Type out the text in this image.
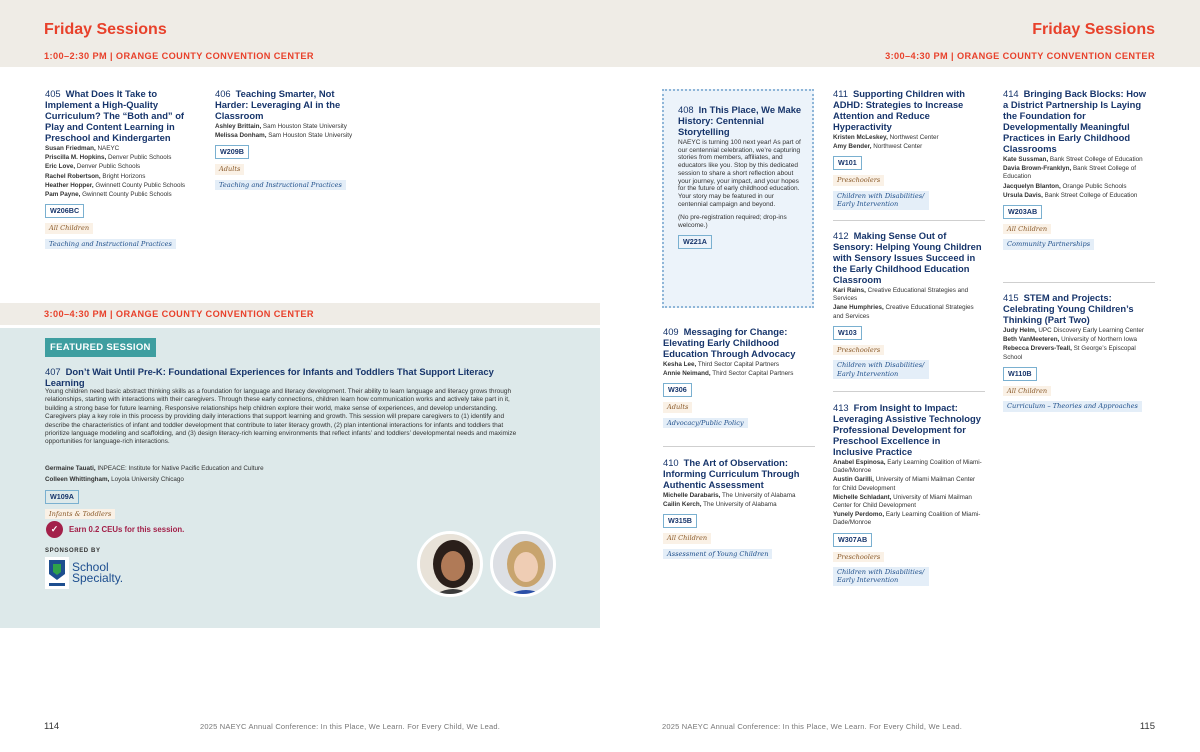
Friday Sessions
1:00–2:30 PM | ORANGE COUNTY CONVENTION CENTER
Friday Sessions
3:00–4:30 PM | ORANGE COUNTY CONVENTION CENTER
405 What Does It Take to Implement a High-Quality Curriculum? The “Both and” of Play and Content Learning in Preschool and Kindergarten
Susan Friedman, NAEYC
Priscilla M. Hopkins, Denver Public Schools
Eric Love, Denver Public Schools
Rachel Robertson, Bright Horizons
Heather Hopper, Gwinnett County Public Schools
Pam Payne, Gwinnett County Public Schools
W206BC
All Children
Teaching and Instructional Practices
406 Teaching Smarter, Not Harder: Leveraging AI in the Classroom
Ashley Brittain, Sam Houston State University
Melissa Donham, Sam Houston State University
W209B
Adults
Teaching and Instructional Practices
3:00–4:30 PM | ORANGE COUNTY CONVENTION CENTER
FEATURED SESSION
407 Don’t Wait Until Pre-K: Foundational Experiences for Infants and Toddlers That Support Literacy Learning
Young children need basic abstract thinking skills as a foundation for language and literacy development. Their ability to learn language and literacy grows through relationships, starting with interactions with their caregivers. Through these early connections, children learn how communication works and actively take part in it, building a strong base for future learning. Responsive relationships help children explore their world, make sense of experiences, and develop understanding. Caregivers play a key role in this process by providing daily interactions that support learning and growth. This session will prepare caregivers to (1) identify and describe the characteristics of infant and toddler development that contribute to later literacy growth, (2) plan intentional interactions for infants and toddlers that prioritize language modeling and scaffolding, and (3) design literacy-rich learning environments that reflect infants’ and toddlers’ developmental needs and maximize opportunities for language-rich interactions.
Germaine Tauati, INPEACE: Institute for Native Pacific Education and Culture
Colleen Whittingham, Loyola University Chicago
W109A
Infants & Toddlers
✓	Earn 0.2 CEUs for this session.
SPONSORED BY
School
Specialty.
408 In This Place, We Make History: Centennial Storytelling
NAEYC is turning 100 next year! As part of our centennial celebration, we’re capturing stories from members, affiliates, and educators like you. Stop by this dedicated session to share a short reflection about your journey, your impact, and your hopes for the future of early childhood education. Your story may be featured in our centennial campaign and beyond.
(No pre-registration required; drop-ins welcome.)
W221A
409 Messaging for Change: Elevating Early Childhood Education Through Advocacy
Kesha Lee, Third Sector Capital Partners
Annie Neimand, Third Sector Capital Partners
W306
Adults
Advocacy/Public Policy
410 The Art of Observation: Informing Curriculum Through Authentic Assessment
Michelle Darabaris, The University of Alabama
Cailin Kerch, The University of Alabama
W315B
All Children
Assessment of Young Children
411 Supporting Children with ADHD: Strategies to Increase Attention and Reduce Hyperactivity
Kristen McLeskey, Northwest Center
Amy Bender, Northwest Center
W101
Preschoolers
Children with Disabilities/ Early Intervention
412 Making Sense Out of Sensory: Helping Young Children with Sensory Issues Succeed in the Early Childhood Education Classroom
Kari Rains, Creative Educational Strategies and Services
Jane Humphries, Creative Educational Strategies and Services
W103
Preschoolers
Children with Disabilities/ Early Intervention
413 From Insight to Impact: Leveraging Assistive Technology Professional Development for Preschool Excellence in Inclusive Practice
Anabel Espinosa, Early Learning Coalition of Miami-Dade/Monroe
Austin Garilli, University of Miami Mailman Center for Child Development
Michelle Schladant, University of Miami Mailman Center for Child Development
Yunely Perdomo, Early Learning Coalition of Miami-Dade/Monroe
W307AB
Preschoolers
Children with Disabilities/ Early Intervention
414 Bringing Back Blocks: How a District Partnership Is Laying the Foundation for Developmentally Meaningful Practices in Early Childhood Classrooms
Kate Sussman, Bank Street College of Education
Davia Brown-Franklyn, Bank Street College of Education
Jacquelyn Blanton, Orange Public Schools
Ursula Davis, Bank Street College of Education
W203AB
All Children
Community Partnerships
415 STEM and Projects: Celebrating Young Children’s Thinking (Part Two)
Judy Helm, UPC Discovery Early Learning Center
Beth VanMeeteren, University of Northern Iowa
Rebecca Drevers-Teall, St George’s Episcopal School
W110B
All Children
Curriculum – Theories and Approaches
114	2025 NAEYC Annual Conference: In this Place, We Learn. For Every Child, We Lead.	2025 NAEYC Annual Conference: In this Place, We Learn. For Every Child, We Lead.	115
